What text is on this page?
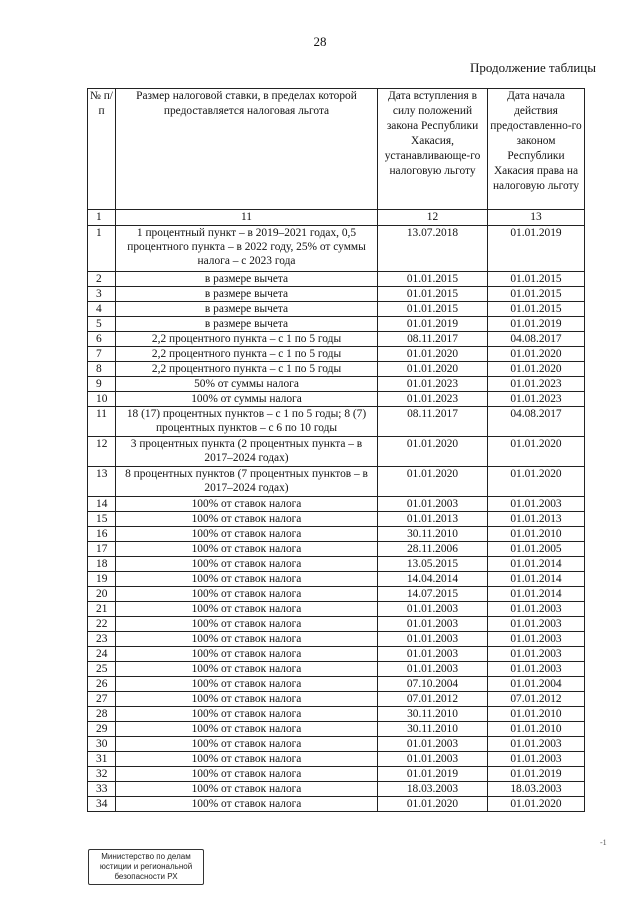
28
Продолжение таблицы
№ п/п	Размер налоговой ставки, в пределах которой предоставляется налоговая льгота	Дата вступления в силу положений закона Республики Хакасия, устанавливающе-го налоговую льготу	Дата начала действия предоставленно-го законом Республики Хакасия права на налоговую льготу
1	11	12	13
1	1 процентный пункт – в 2019–2021 годах, 0,5 процентного пункта – в 2022 году, 25% от суммы налога – с 2023 года	13.07.2018	01.01.2019
2	в размере вычета	01.01.2015	01.01.2015
3	в размере вычета	01.01.2015	01.01.2015
4	в размере вычета	01.01.2015	01.01.2015
5	в размере вычета	01.01.2019	01.01.2019
6	2,2 процентного пункта – с 1 по 5 годы	08.11.2017	04.08.2017
7	2,2 процентного пункта – с 1 по 5 годы	01.01.2020	01.01.2020
8	2,2 процентного пункта – с 1 по 5 годы	01.01.2020	01.01.2020
9	50% от суммы налога	01.01.2023	01.01.2023
10	100% от суммы налога	01.01.2023	01.01.2023
11	18 (17) процентных пунктов – с 1 по 5 годы; 8 (7) процентных пунктов – с 6 по 10 годы	08.11.2017	04.08.2017
12	3 процентных пункта (2 процентных пункта – в 2017–2024 годах)	01.01.2020	01.01.2020
13	8 процентных пунктов (7 процентных пунктов – в 2017–2024 годах)	01.01.2020	01.01.2020
14	100% от ставок налога	01.01.2003	01.01.2003
15	100% от ставок налога	01.01.2013	01.01.2013
16	100% от ставок налога	30.11.2010	01.01.2010
17	100% от ставок налога	28.11.2006	01.01.2005
18	100% от ставок налога	13.05.2015	01.01.2014
19	100% от ставок налога	14.04.2014	01.01.2014
20	100% от ставок налога	14.07.2015	01.01.2014
21	100% от ставок налога	01.01.2003	01.01.2003
22	100% от ставок налога	01.01.2003	01.01.2003
23	100% от ставок налога	01.01.2003	01.01.2003
24	100% от ставок налога	01.01.2003	01.01.2003
25	100% от ставок налога	01.01.2003	01.01.2003
26	100% от ставок налога	07.10.2004	01.01.2004
27	100% от ставок налога	07.01.2012	07.01.2012
28	100% от ставок налога	30.11.2010	01.01.2010
29	100% от ставок налога	30.11.2010	01.01.2010
30	100% от ставок налога	01.01.2003	01.01.2003
31	100% от ставок налога	01.01.2003	01.01.2003
32	100% от ставок налога	01.01.2019	01.01.2019
33	100% от ставок налога	18.03.2003	18.03.2003
34	100% от ставок налога	01.01.2020	01.01.2020
Министерство по делам
юстиции и региональной
безопасности РХ
-1
